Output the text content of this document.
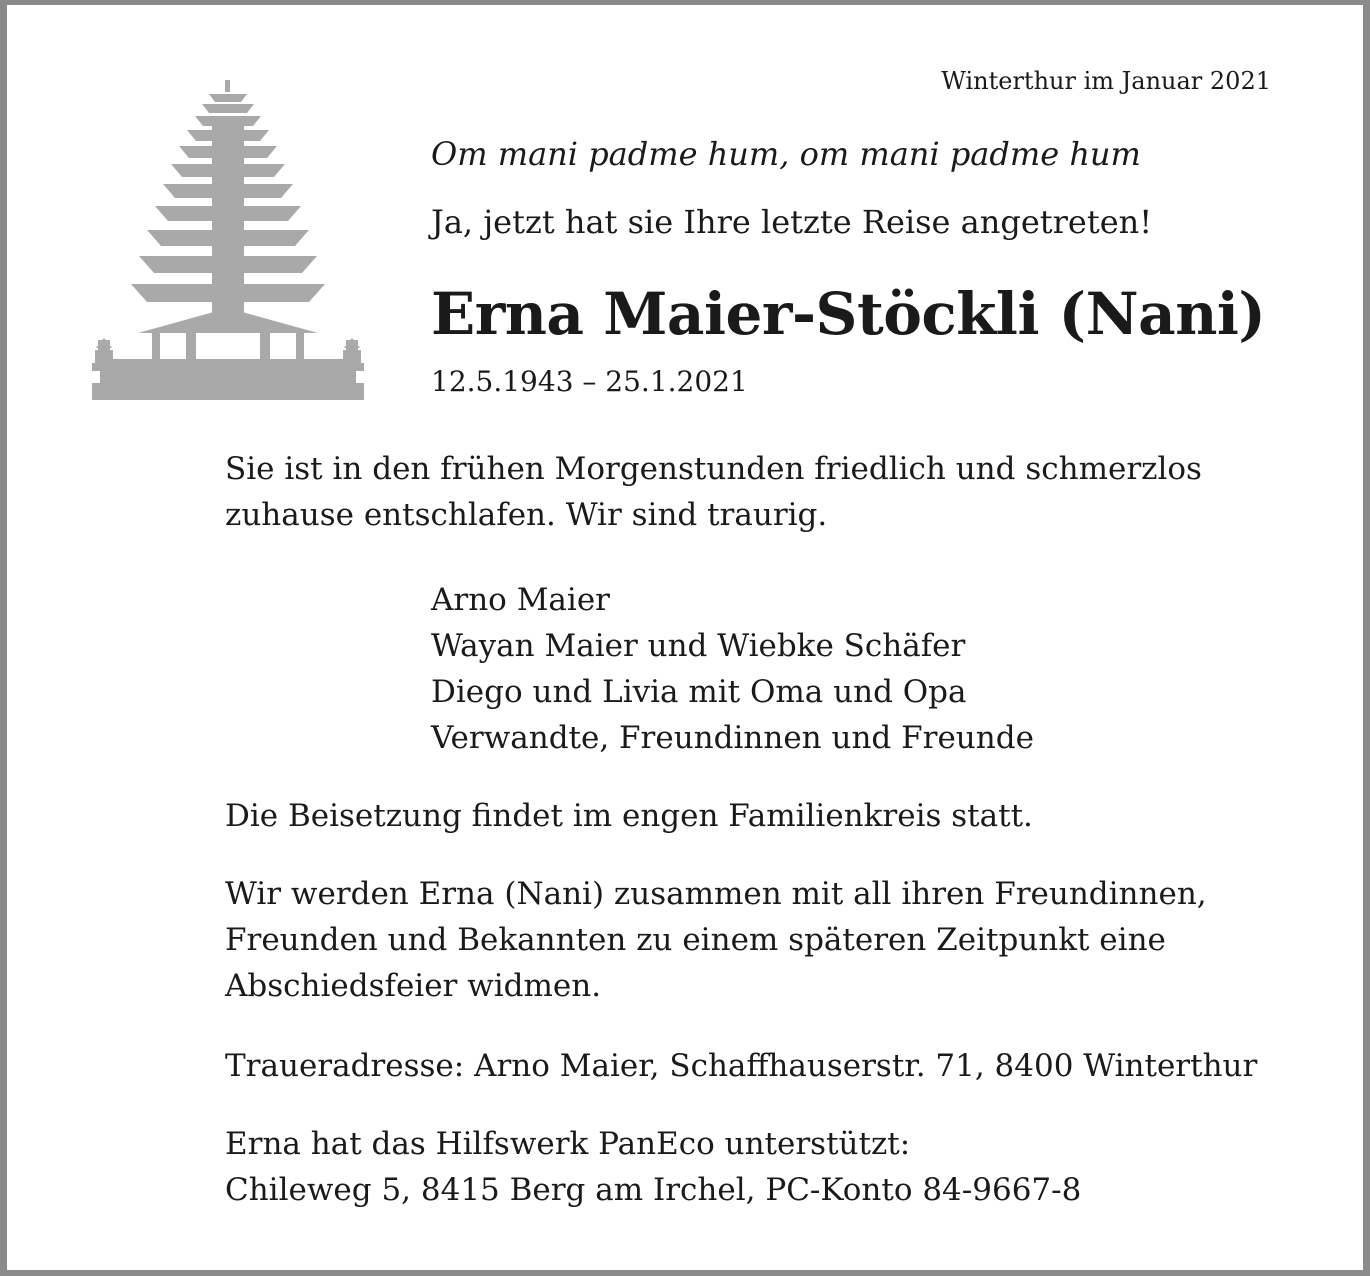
Winterthur im Januar 2021
Om mani padme hum, om mani padme hum
Ja, jetzt hat sie Ihre letzte Reise angetreten!
Erna Maier-Stöckli (Nani)
12.5.1943 – 25.1.2021
Sie ist in den frühen Morgenstunden friedlich und schmerzlos zuhause entschlafen. Wir sind traurig.
Arno Maier
Wayan Maier und Wiebke Schäfer
Diego und Livia mit Oma und Opa
Verwandte, Freundinnen und Freunde
Die Beisetzung findet im engen Familienkreis statt.
Wir werden Erna (Nani) zusammen mit all ihren Freundinnen, Freunden und Bekannten zu einem späteren Zeitpunkt eine Abschiedsfeier widmen.
Traueradresse: Arno Maier, Schaffhauserstr. 71, 8400 Winterthur
Erna hat das Hilfswerk PanEco unterstützt:
Chileweg 5, 8415 Berg am Irchel, PC-Konto 84-9667-8
